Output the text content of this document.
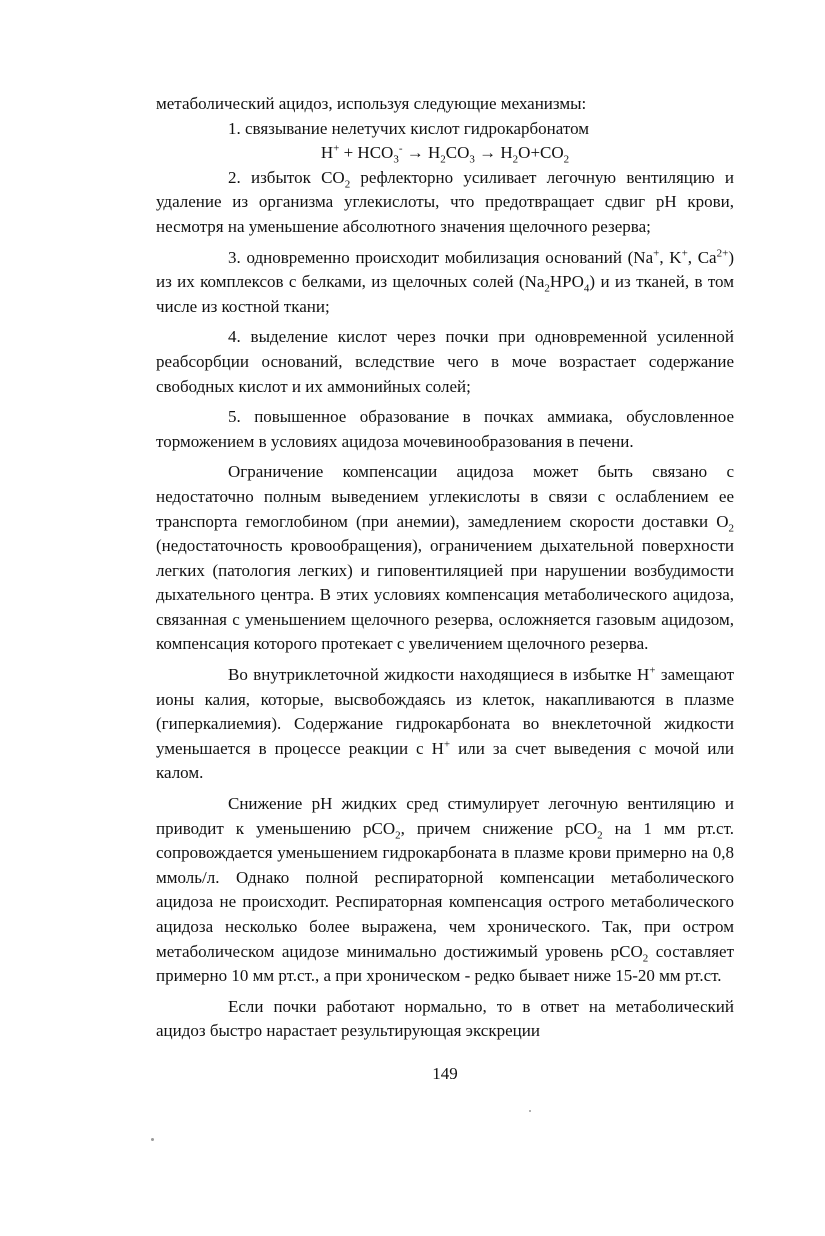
метаболический ацидоз, используя следующие механизмы:

1. связывание нелетучих кислот гидрокарбонатом

$H^+ + HCO_3^- \to H_2CO_3 \to H_2O+CO_2$

2. избыток $CO_2$ рефлекторно усиливает легочную вентиляцию и удаление из организма углекислоты, что предотвращает сдвиг pH крови, несмотря на уменьшение абсолютного значения щелочного резерва;

3. одновременно происходит мобилизация оснований (Na+, K+, $Ca^{2+}$) из их комплексов с белками, из щелочных солей $(Na_2HPO_4)$ и из тканей, в том числе из костной ткани;

4. выделение кислот через почки при одновременной усиленной реабсорбции оснований, вследствие чего в моче возрастает содержание свободных кислот и их аммонийных солей;

5. повышенное образование в почках аммиака, обусловленное торможением в условиях ацидоза мочевинообразования в печени.

Ограничение компенсации ацидоза может быть связано с недостаточно полным выведением углекислоты в связи с ослаблением ее транспорта гемоглобином (при анемии), замедлением скорости доставки $O_2$ (недостаточность кровообращения), ограничением дыхательной поверхности легких (патология легких) и гиповентиляцией при нарушении возбудимости дыхательного центра. В этих условиях компенсация метаболического ацидоза, связанная с уменьшением щелочного резерва, осложняется газовым ацидозом, компенсация которого протекает с увеличением щелочного резерва.

Во внутриклеточной жидкости находящиеся в избытке H+ замещают ионы калия, которые, высвобождаясь из клеток, накапливаются в плазме (гиперкалиемия). Содержание гидрокарбоната во внеклеточной жидкости уменьшается в процессе реакции с H+ или за счет выведения с мочой или калом.

Снижение pH жидких сред стимулирует легочную вентиляцию и приводит к уменьшению pCO$_2$, причем снижение pCO$_2$ на 1 мм рт.ст. сопровождается уменьшением гидрокарбоната в плазме крови примерно на 0,8 ммоль/л. Однако полной респираторной компенсации метаболического ацидоза не происходит. Респираторная компенсация острого метаболического ацидоза несколько более выражена, чем хронического. Так, при остром метаболическом ацидозе минимально достижимый уровень pCO$_2$ составляет примерно 10 мм рт.ст., а при хроническом - редко бывает ниже 15-20 мм рт.ст.

Если почки работают нормально, то в ответ на метаболический ацидоз быстро нарастает результирующая экскреции

149
